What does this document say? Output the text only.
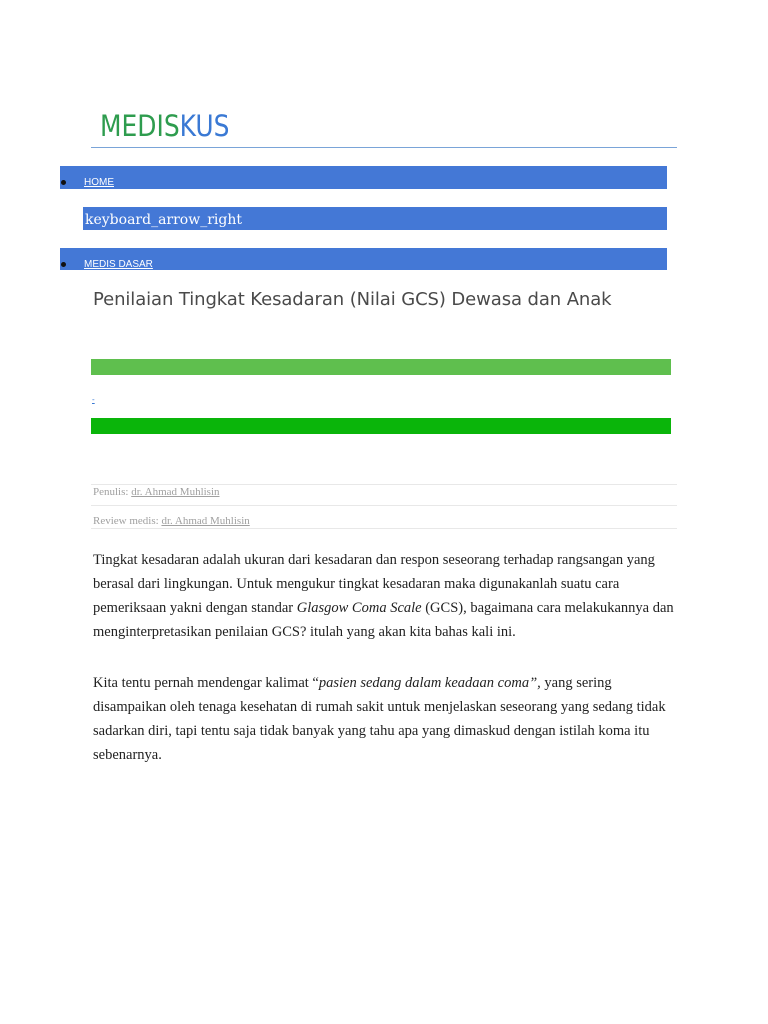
MEDISKUS
HOME
keyboard_arrow_right
MEDIS DASAR
Penilaian Tingkat Kesadaran (Nilai GCS) Dewasa dan Anak
-
Penulis: dr. Ahmad Muhlisin
Review medis: dr. Ahmad Muhlisin

Tingkat kesadaran adalah ukuran dari kesadaran dan respon seseorang terhadap rangsangan yang berasal dari lingkungan. Untuk mengukur tingkat kesadaran maka digunakanlah suatu cara pemeriksaan yakni dengan standar Glasgow Coma Scale (GCS), bagaimana cara melakukannya dan menginterpretasikan penilaian GCS? itulah yang akan kita bahas kali ini.

Kita tentu pernah mendengar kalimat “pasien sedang dalam keadaan coma”, yang sering disampaikan oleh tenaga kesehatan di rumah sakit untuk menjelaskan seseorang yang sedang tidak sadarkan diri, tapi tentu saja tidak banyak yang tahu apa yang dimaskud dengan istilah koma itu sebenarnya.
